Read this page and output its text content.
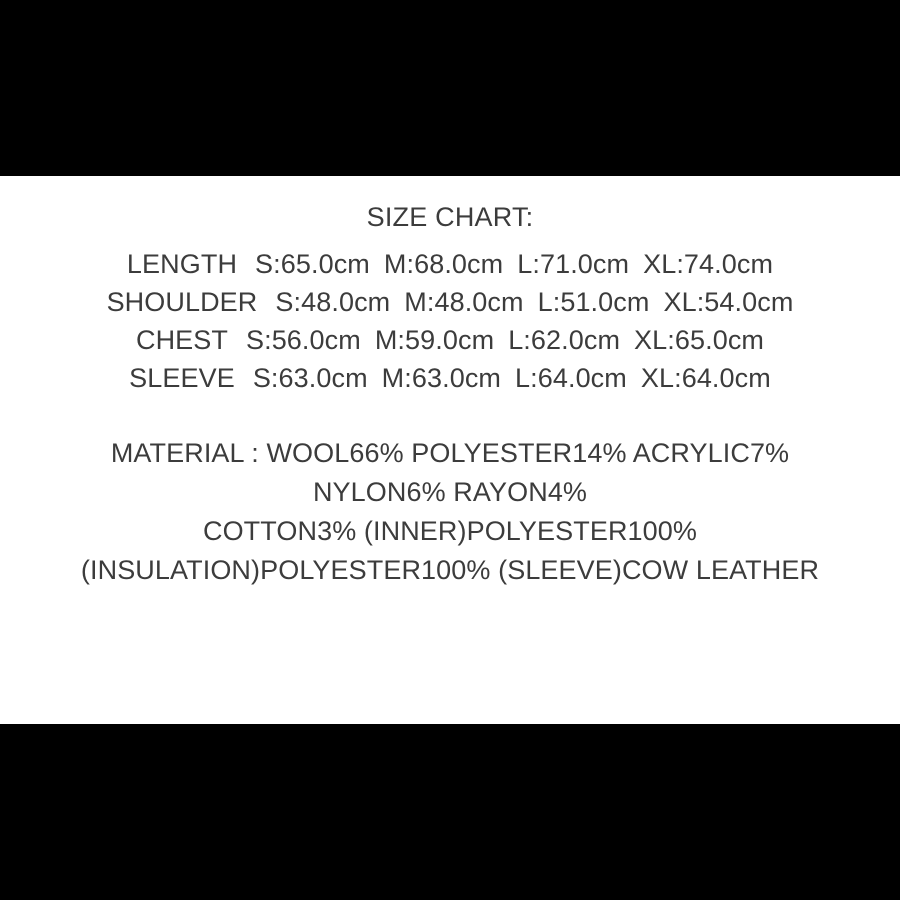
SIZE CHART:
LENGTH S:65.0cm M:68.0cm L:71.0cm XL:74.0cm
SHOULDER S:48.0cm M:48.0cm L:51.0cm XL:54.0cm
CHEST S:56.0cm M:59.0cm L:62.0cm XL:65.0cm
SLEEVE S:63.0cm M:63.0cm L:64.0cm XL:64.0cm
MATERIAL : WOOL66% POLYESTER14% ACRYLIC7%
NYLON6% RAYON4%
COTTON3% (INNER)POLYESTER100%
(INSULATION)POLYESTER100% (SLEEVE)COW LEATHER
